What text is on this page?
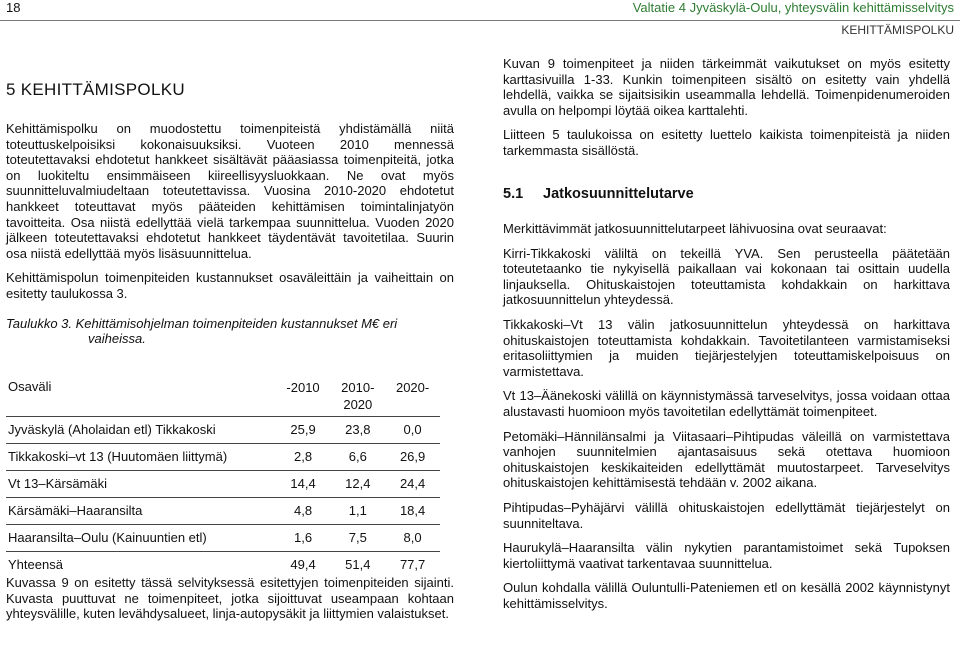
18	Valtatie 4 Jyväskylä-Oulu, yhteysvälin kehittämisselvitys
KEHITTÄMISPOLKU
5 KEHITTÄMISPOLKU

Kehittämispolku on muodostettu toimenpiteistä yhdistämällä niitä toteuttuskelpoisiksi kokonaisuuksiksi. Vuoteen 2010 mennessä toteutettavaksi ehdotetut hankkeet sisältävät pääasiassa toimenpiteitä, jotka on luokiteltu ensimmäiseen kiireellisyysluokkaan. Ne ovat myös suunnitteluvalmiudeltaan toteutettavissa. Vuosina 2010-2020 ehdotetut hankkeet toteuttavat myös pääteiden kehittämisen toimintalinjatyön tavoitteita. Osa niistä edellyttää vielä tarkempaa suunnittelua. Vuoden 2020 jälkeen toteutettavaksi ehdotetut hankkeet täydentävät tavoitetilaa. Suurin osa niistä edellyttää myös lisäsuunnittelua.

Kehittämispolun toimenpiteiden kustannukset osaväleittäin ja vaiheittain on esitetty taulukossa 3.

Taulukko 3. Kehittämisohjelman toimenpiteiden kustannukset M€ eri
vaiheissa.

Osaväli	-2010	2010-2020	2020-
Jyväskylä (Aholaidan etl) Tikkakoski	25,9	23,8	0,0
Tikkakoski–vt 13 (Huutomäen liittymä)	2,8	6,6	26,9
Vt 13–Kärsämäki	14,4	12,4	24,4
Kärsämäki–Haaransilta	4,8	1,1	18,4
Haaransilta–Oulu (Kainuuntien etl)	1,6	7,5	8,0
Yhteensä	49,4	51,4	77,7

Kuvassa 9 on esitetty tässä selvityksessä esitettyjen toimenpiteiden sijainti. Kuvasta puuttuvat ne toimenpiteet, jotka sijoittuvat useampaan kohtaan yhteysvälille, kuten levähdysalueet, linja-autopysäkit ja liittymien valaistukset.

Kuvan 9 toimenpiteet ja niiden tärkeimmät vaikutukset on myös esitetty karttasivuilla 1-33. Kunkin toimenpiteen sisältö on esitetty vain yhdellä lehdellä, vaikka se sijaitsisikin useammalla lehdellä. Toimenpidenumeroiden avulla on helpompi löytää oikea karttalehti.

Liitteen 5 taulukoissa on esitetty luettelo kaikista toimenpiteistä ja niiden tarkemmasta sisällöstä.

5.1 Jatkosuunnittelutarve

Merkittävimmät jatkosuunnittelutarpeet lähivuosina ovat seuraavat:

Kirri-Tikkakoski väliltä on tekeillä YVA. Sen perusteella päätetään toteutetaanko tie nykyisellä paikallaan vai kokonaan tai osittain uudella linjauksella. Ohituskaistojen toteuttamista kohdakkain on harkittava jatkosuunnittelun yhteydessä.

Tikkakoski–Vt 13 välin jatkosuunnittelun yhteydessä on harkittava ohituskaistojen toteuttamista kohdakkain. Tavoitetilanteen varmistamiseksi eritasoliittymien ja muiden tiejärjestelyjen toteuttamiskelpoisuus on varmistettava.

Vt 13–Äänekoski välillä on käynnistymässä tarveselvitys, jossa voidaan ottaa alustavasti huomioon myös tavoitetilan edellyttämät toimenpiteet.

Petomäki–Hännilänsalmi ja Viitasaari–Pihtipudas väleillä on varmistettava vanhojen suunnitelmien ajantasaisuus sekä otettava huomioon ohituskaistojen keskikaiteiden edellyttämät muutostarpeet. Tarveselvitys ohituskaistojen kehittämisestä tehdään v. 2002 aikana.

Pihtipudas–Pyhäjärvi välillä ohituskaistojen edellyttämät tiejärjestelyt on suunniteltava.

Haurukylä–Haaransilta välin nykytien parantamistoimet sekä Tupoksen kiertoliittymä vaativat tarkentavaa suunnittelua.

Oulun kohdalla välillä Ouluntulli-Pateniemen etl on kesällä 2002 käynnistynyt kehittämisselvitys.
